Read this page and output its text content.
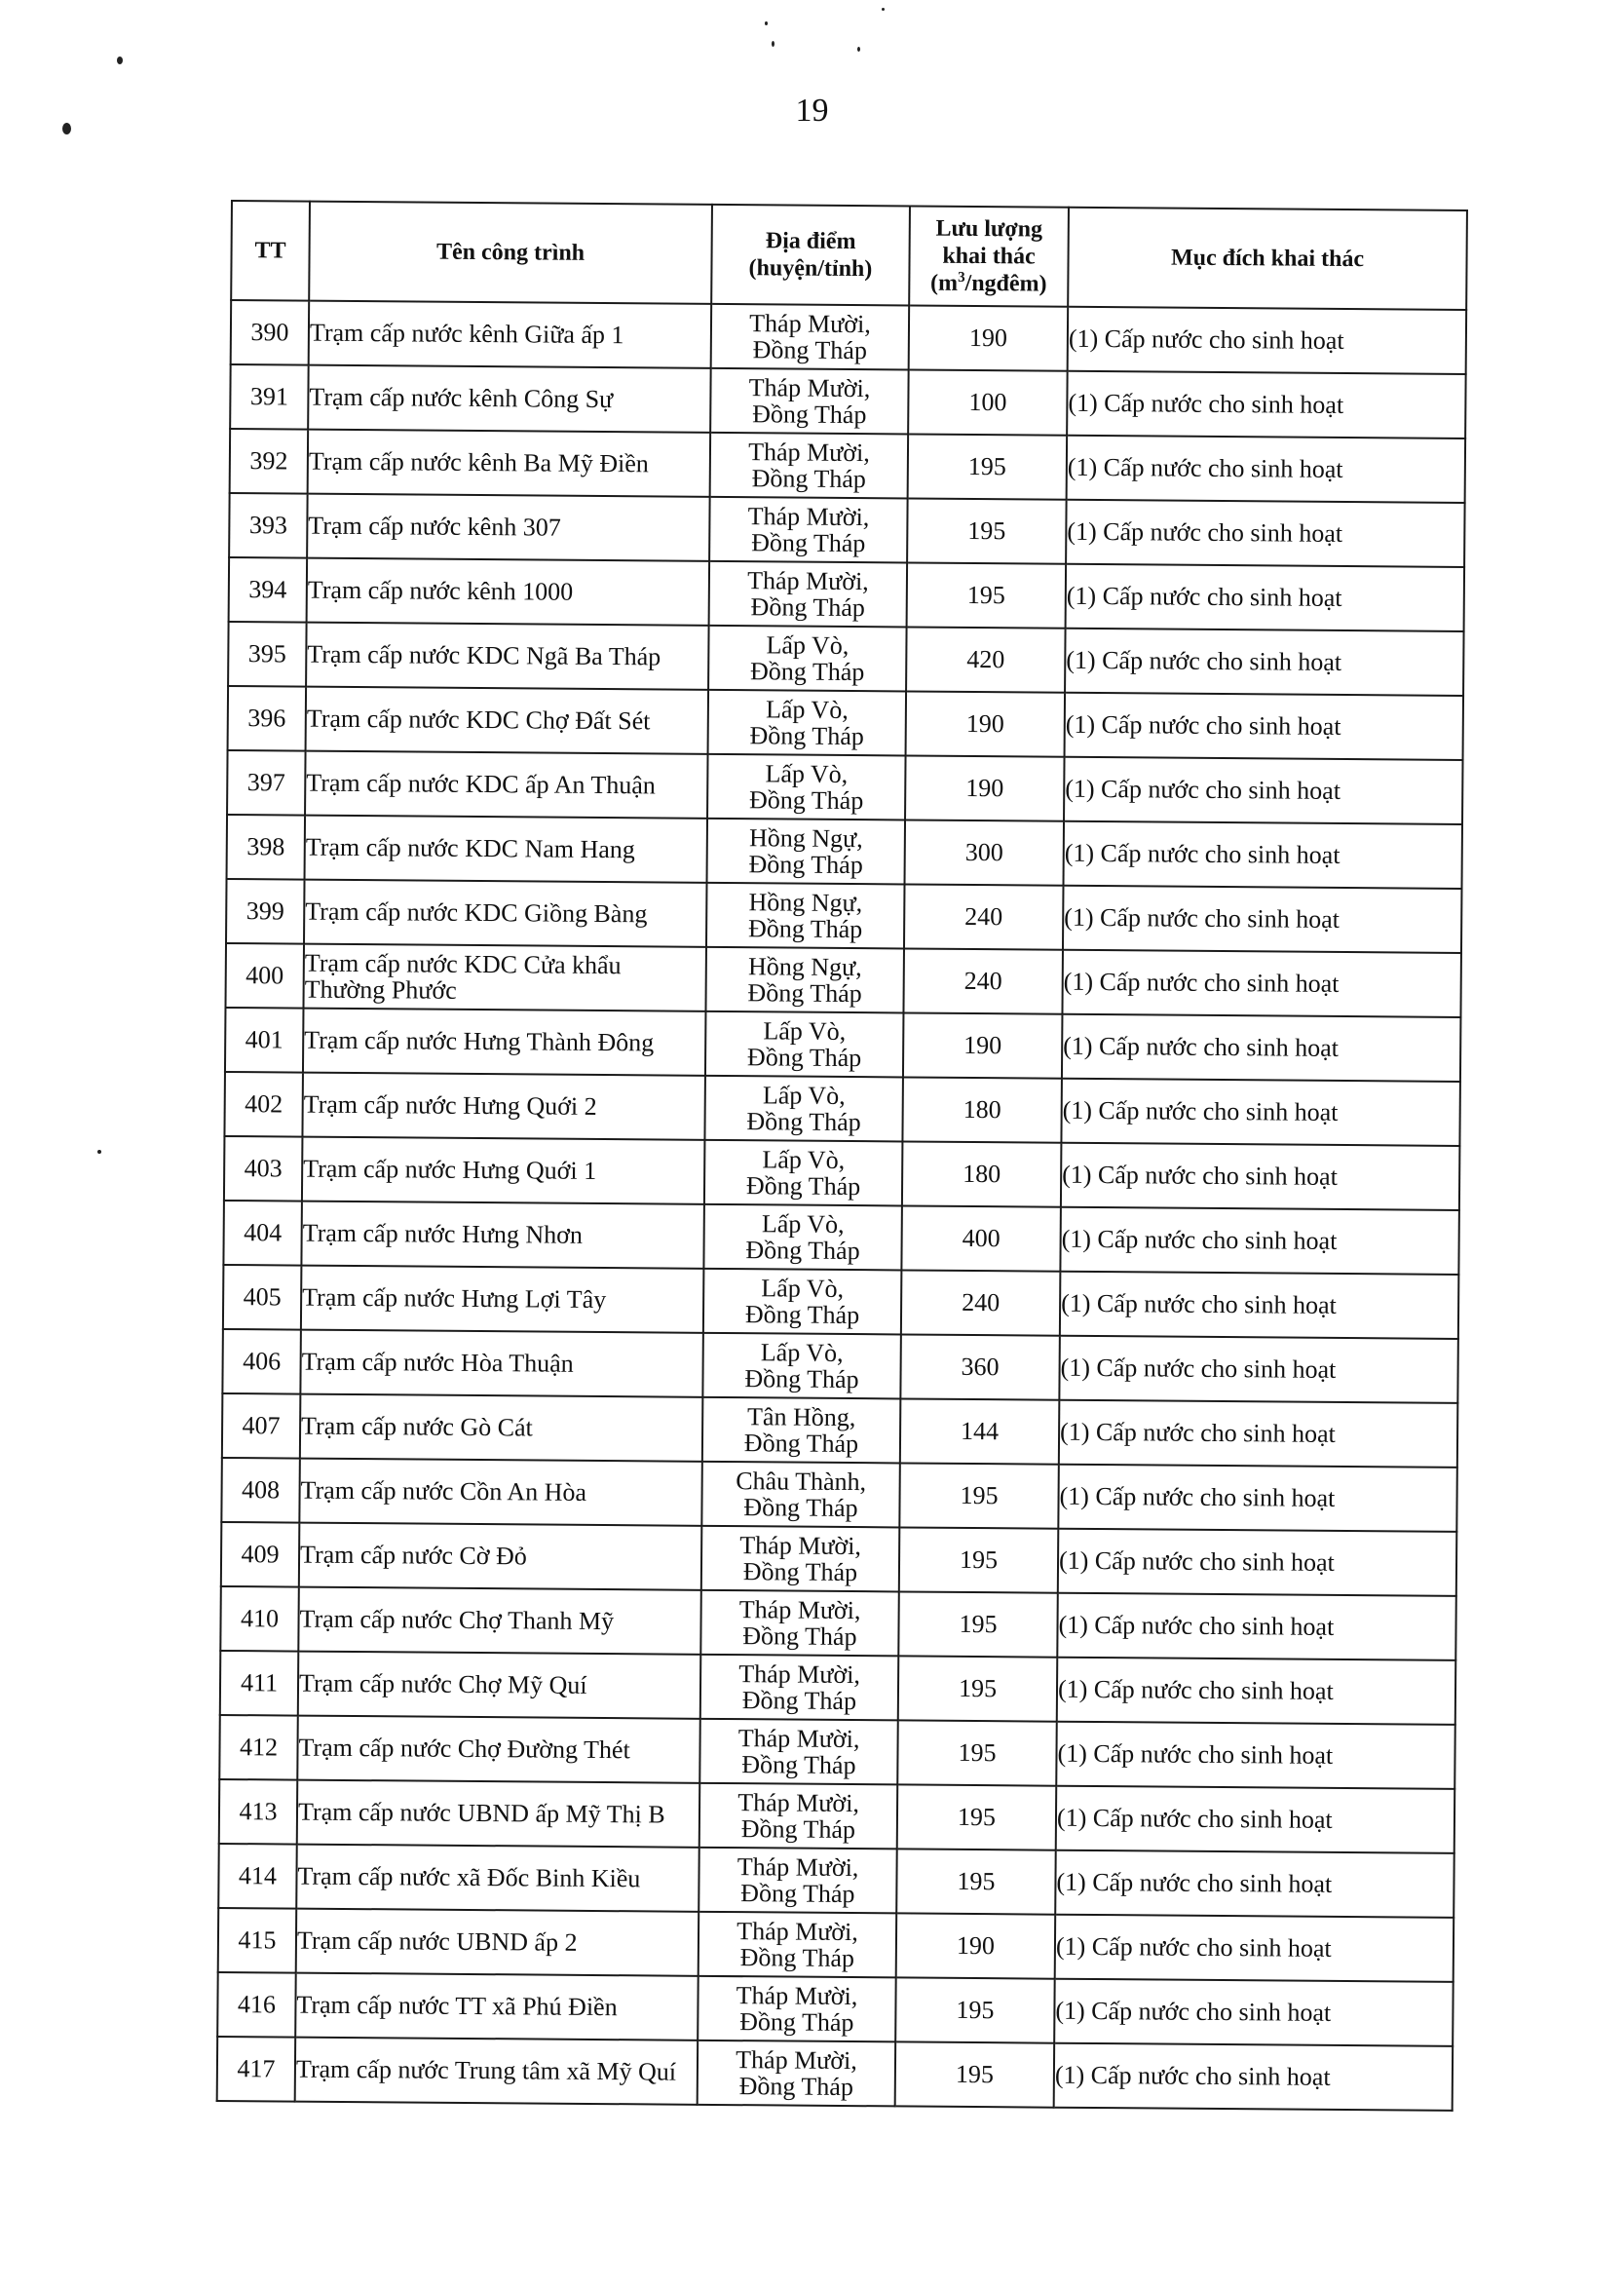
19
TT	Tên công trình	Địa điểm
(huyện/tỉnh)	Lưu lượng
khai thác
$(m^3/ngđêm)$	Mục đích khai thác
390	Trạm cấp nước kênh Giữa ấp 1	Tháp Mười,
Đồng Tháp	190	(1) Cấp nước cho sinh hoạt
391	Trạm cấp nước kênh Công Sự	Tháp Mười,
Đồng Tháp	100	(1) Cấp nước cho sinh hoạt
392	Trạm cấp nước kênh Ba Mỹ Điền	Tháp Mười,
Đồng Tháp	195	(1) Cấp nước cho sinh hoạt
393	Trạm cấp nước kênh 307	Tháp Mười,
Đồng Tháp	195	(1) Cấp nước cho sinh hoạt
394	Trạm cấp nước kênh 1000	Tháp Mười,
Đồng Tháp	195	(1) Cấp nước cho sinh hoạt
395	Trạm cấp nước KDC Ngã Ba Tháp	Lấp Vò,
Đồng Tháp	420	(1) Cấp nước cho sinh hoạt
396	Trạm cấp nước KDC Chợ Đất Sét	Lấp Vò,
Đồng Tháp	190	(1) Cấp nước cho sinh hoạt
397	Trạm cấp nước KDC ấp An Thuận	Lấp Vò,
Đồng Tháp	190	(1) Cấp nước cho sinh hoạt
398	Trạm cấp nước KDC Nam Hang	Hồng Ngự,
Đồng Tháp	300	(1) Cấp nước cho sinh hoạt
399	Trạm cấp nước KDC Giồng Bàng	Hồng Ngự,
Đồng Tháp	240	(1) Cấp nước cho sinh hoạt
400	Trạm cấp nước KDC Cửa khẩu Thường Phước	Hồng Ngự,
Đồng Tháp	240	(1) Cấp nước cho sinh hoạt
401	Trạm cấp nước Hưng Thành Đông	Lấp Vò,
Đồng Tháp	190	(1) Cấp nước cho sinh hoạt
402	Trạm cấp nước Hưng Quới 2	Lấp Vò,
Đồng Tháp	180	(1) Cấp nước cho sinh hoạt
403	Trạm cấp nước Hưng Quới 1	Lấp Vò,
Đồng Tháp	180	(1) Cấp nước cho sinh hoạt
404	Trạm cấp nước Hưng Nhơn	Lấp Vò,
Đồng Tháp	400	(1) Cấp nước cho sinh hoạt
405	Trạm cấp nước Hưng Lợi Tây	Lấp Vò,
Đồng Tháp	240	(1) Cấp nước cho sinh hoạt
406	Trạm cấp nước Hòa Thuận	Lấp Vò,
Đồng Tháp	360	(1) Cấp nước cho sinh hoạt
407	Trạm cấp nước Gò Cát	Tân Hồng,
Đồng Tháp	144	(1) Cấp nước cho sinh hoạt
408	Trạm cấp nước Cồn An Hòa	Châu Thành,
Đồng Tháp	195	(1) Cấp nước cho sinh hoạt
409	Trạm cấp nước Cờ Đỏ	Tháp Mười,
Đồng Tháp	195	(1) Cấp nước cho sinh hoạt
410	Trạm cấp nước Chợ Thanh Mỹ	Tháp Mười,
Đồng Tháp	195	(1) Cấp nước cho sinh hoạt
411	Trạm cấp nước Chợ Mỹ Quí	Tháp Mười,
Đồng Tháp	195	(1) Cấp nước cho sinh hoạt
412	Trạm cấp nước Chợ Đường Thét	Tháp Mười,
Đồng Tháp	195	(1) Cấp nước cho sinh hoạt
413	Trạm cấp nước UBND ấp Mỹ Thị B	Tháp Mười,
Đồng Tháp	195	(1) Cấp nước cho sinh hoạt
414	Trạm cấp nước xã Đốc Binh Kiều	Tháp Mười,
Đồng Tháp	195	(1) Cấp nước cho sinh hoạt
415	Trạm cấp nước UBND ấp 2	Tháp Mười,
Đồng Tháp	190	(1) Cấp nước cho sinh hoạt
416	Trạm cấp nước TT xã Phú Điền	Tháp Mười,
Đồng Tháp	195	(1) Cấp nước cho sinh hoạt
417	Trạm cấp nước Trung tâm xã Mỹ Quí	Tháp Mười,
Đồng Tháp	195	(1) Cấp nước cho sinh hoạt
